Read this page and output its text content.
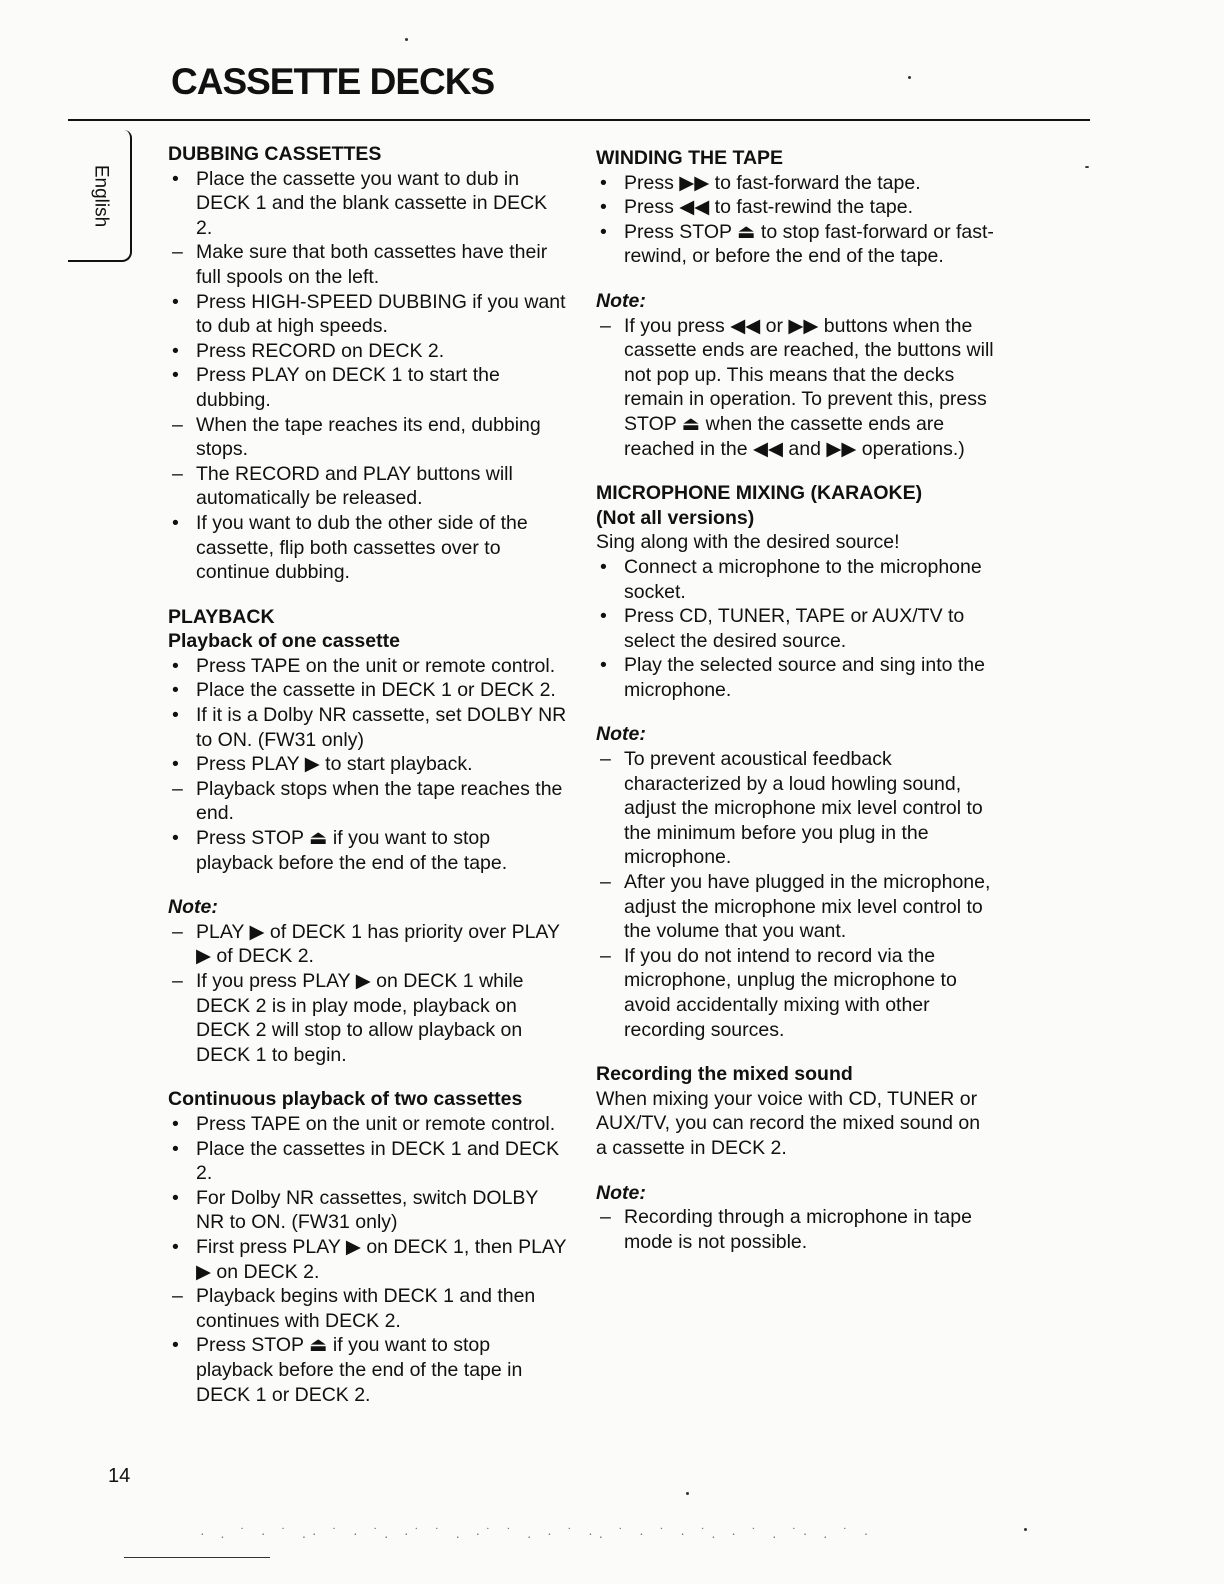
CASSETTE DECKS
English
DUBBING CASSETTES
• Place the cassette you want to dub in DECK 1 and the blank cassette in DECK 2.
– Make sure that both cassettes have their full spools on the left.
• Press HIGH-SPEED DUBBING if you want to dub at high speeds.
• Press RECORD on DECK 2.
• Press PLAY on DECK 1 to start the dubbing.
– When the tape reaches its end, dubbing stops.
– The RECORD and PLAY buttons will automatically be released.
• If you want to dub the other side of the cassette, flip both cassettes over to continue dubbing.
PLAYBACK
Playback of one cassette
• Press TAPE on the unit or remote control.
• Place the cassette in DECK 1 or DECK 2.
• If it is a Dolby NR cassette, set DOLBY NR to ON. (FW31 only)
• Press PLAY ▶ to start playback.
– Playback stops when the tape reaches the end.
• Press STOP ⏏ if you want to stop playback before the end of the tape.
Note:
– PLAY ▶ of DECK 1 has priority over PLAY ▶ of DECK 2.
– If you press PLAY ▶ on DECK 1 while DECK 2 is in play mode, playback on DECK 2 will stop to allow playback on DECK 1 to begin.
Continuous playback of two cassettes
• Press TAPE on the unit or remote control.
• Place the cassettes in DECK 1 and DECK 2.
• For Dolby NR cassettes, switch DOLBY NR to ON. (FW31 only)
• First press PLAY ▶ on DECK 1, then PLAY ▶ on DECK 2.
– Playback begins with DECK 1 and then continues with DECK 2.
• Press STOP ⏏ if you want to stop playback before the end of the tape in DECK 1 or DECK 2.
WINDING THE TAPE
• Press ▶▶ to fast-forward the tape.
• Press ◀◀ to fast-rewind the tape.
• Press STOP ⏏ to stop fast-forward or fast-rewind, or before the end of the tape.
Note:
– If you press ◀◀ or ▶▶ buttons when the cassette ends are reached, the buttons will not pop up. This means that the decks remain in operation. To prevent this, press STOP ⏏ when the cassette ends are reached in the ◀◀ and ▶▶ operations.)
MICROPHONE MIXING (KARAOKE)
(Not all versions)

Sing along with the desired source!

• Connect a microphone to the microphone socket.
• Press CD, TUNER, TAPE or AUX/TV to select the desired source.
• Play the selected source and sing into the microphone.
Note:
– To prevent acoustical feedback characterized by a loud howling sound, adjust the microphone mix level control to the minimum before you plug in the microphone.
– After you have plugged in the microphone, adjust the microphone mix level control to the volume that you want.
– If you do not intend to record via the microphone, unplug the microphone to avoid accidentally mixing with other recording sources.
Recording the mixed sound

When mixing your voice with CD, TUNER or AUX/TV, you can record the mixed sound on a cassette in DECK 2.

Note:
– Recording through a microphone in tape mode is not possible.
14
· . ˙ · ˙ .· ˙ · ˙. ·˙ ˙ . ·˙ ˙ . · ˙ ·. ˙ · ˙ · ˙. · ˙ . ˙· . ˙ ·
